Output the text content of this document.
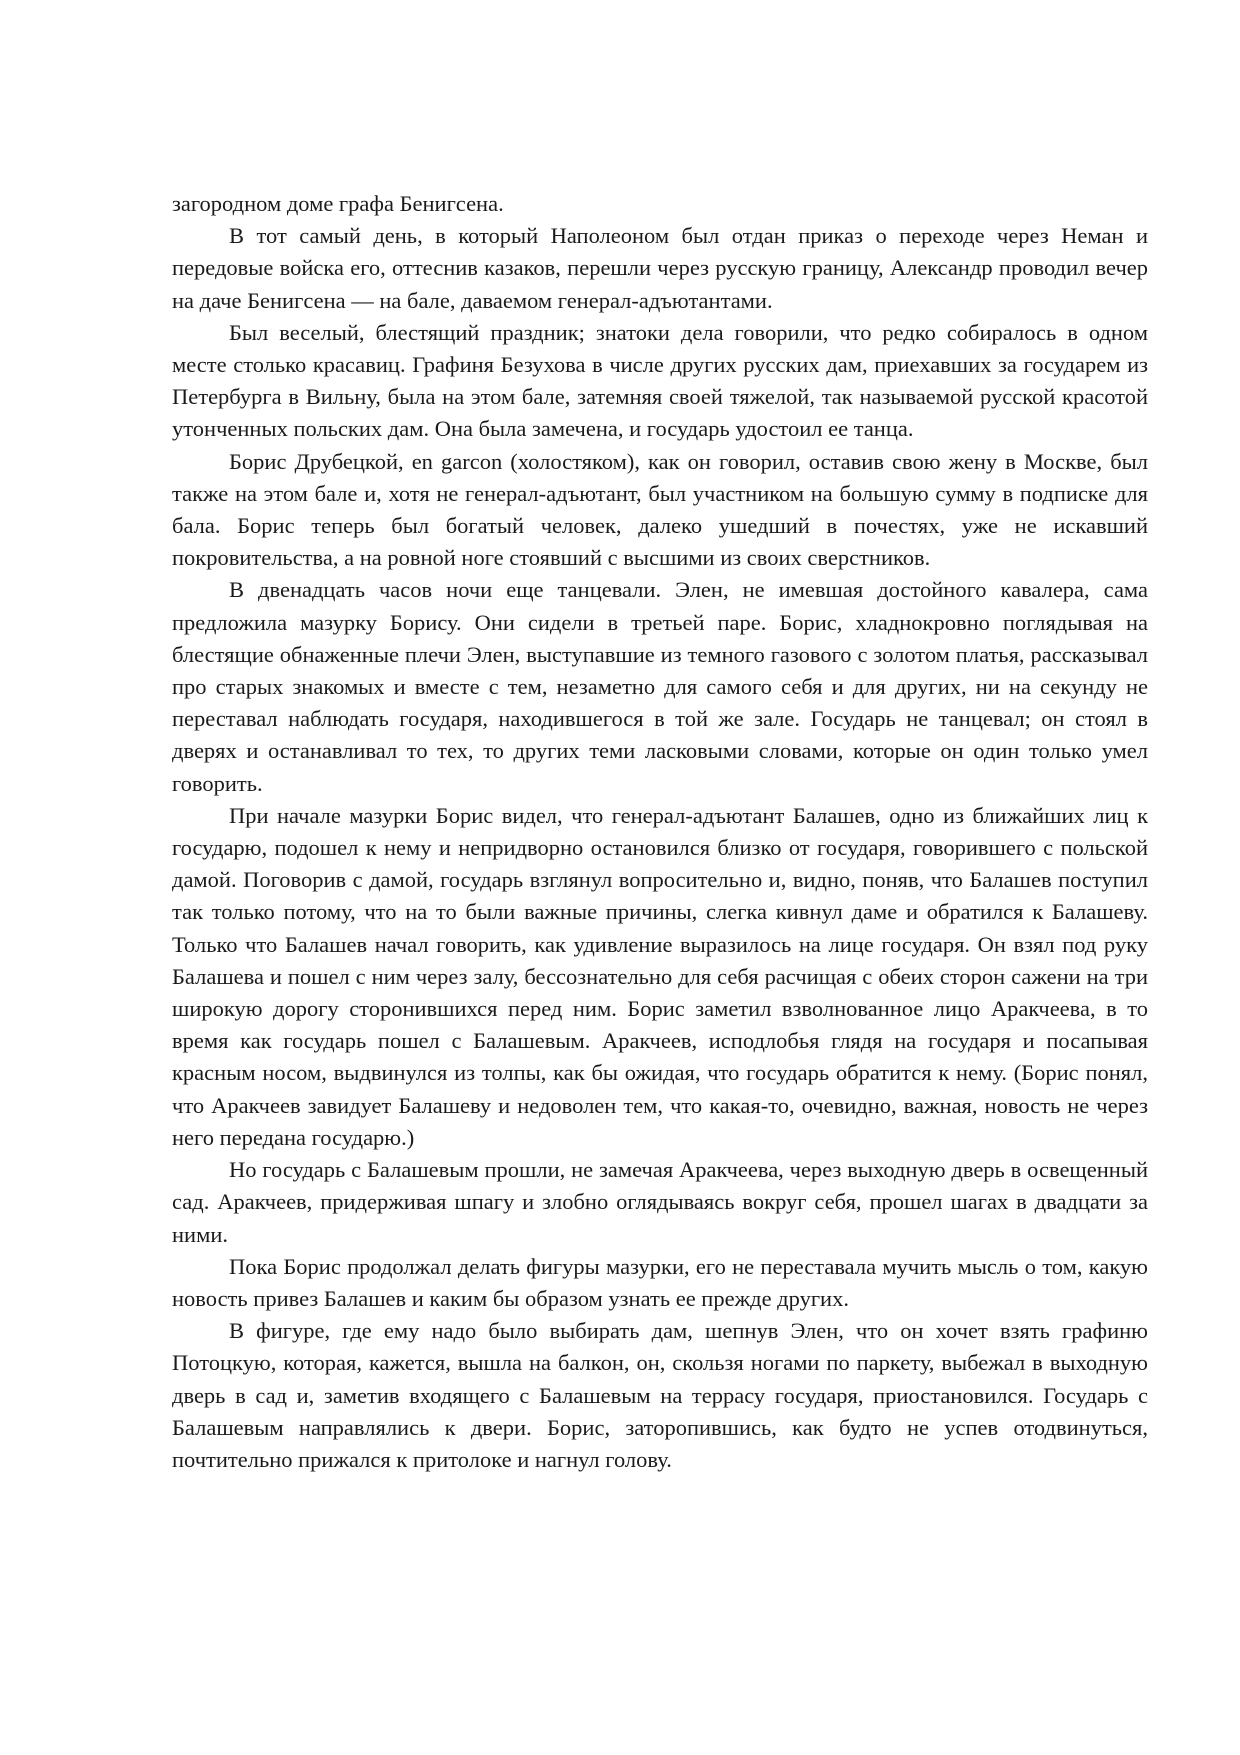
загородном доме графа Бенигсена.

В тот самый день, в который Наполеоном был отдан приказ о переходе через Неман и передовые войска его, оттеснив казаков, перешли через русскую границу, Александр проводил вечер на даче Бенигсена — на бале, даваемом генерал-адъютантами.

Был веселый, блестящий праздник; знатоки дела говорили, что редко собиралось в одном месте столько красавиц. Графиня Безухова в числе других русских дам, приехавших за государем из Петербурга в Вильну, была на этом бале, затемняя своей тяжелой, так называемой русской красотой утонченных польских дам. Она была замечена, и государь удостоил ее танца.

Борис Друбецкой, en garcon (холостяком), как он говорил, оставив свою жену в Москве, был также на этом бале и, хотя не генерал-адъютант, был участником на большую сумму в подписке для бала. Борис теперь был богатый человек, далеко ушедший в почестях, уже не искавший покровительства, а на ровной ноге стоявший с высшими из своих сверстников.

В двенадцать часов ночи еще танцевали. Элен, не имевшая достойного кавалера, сама предложила мазурку Борису. Они сидели в третьей паре. Борис, хладнокровно поглядывая на блестящие обнаженные плечи Элен, выступавшие из темного газового с золотом платья, рассказывал про старых знакомых и вместе с тем, незаметно для самого себя и для других, ни на секунду не переставал наблюдать государя, находившегося в той же зале. Государь не танцевал; он стоял в дверях и останавливал то тех, то других теми ласковыми словами, которые он один только умел говорить.

При начале мазурки Борис видел, что генерал-адъютант Балашев, одно из ближайших лиц к государю, подошел к нему и непридворно остановился близко от государя, говорившего с польской дамой. Поговорив с дамой, государь взглянул вопросительно и, видно, поняв, что Балашев поступил так только потому, что на то были важные причины, слегка кивнул даме и обратился к Балашеву. Только что Балашев начал говорить, как удивление выразилось на лице государя. Он взял под руку Балашева и пошел с ним через залу, бессознательно для себя расчищая с обеих сторон сажени на три широкую дорогу сторонившихся перед ним. Борис заметил взволнованное лицо Аракчеева, в то время как государь пошел с Балашевым. Аракчеев, исподлобья глядя на государя и посапывая красным носом, выдвинулся из толпы, как бы ожидая, что государь обратится к нему. (Борис понял, что Аракчеев завидует Балашеву и недоволен тем, что какая-то, очевидно, важная, новость не через него передана государю.)

Но государь с Балашевым прошли, не замечая Аракчеева, через выходную дверь в освещенный сад. Аракчеев, придерживая шпагу и злобно оглядываясь вокруг себя, прошел шагах в двадцати за ними.

Пока Борис продолжал делать фигуры мазурки, его не переставала мучить мысль о том, какую новость привез Балашев и каким бы образом узнать ее прежде других.

В фигуре, где ему надо было выбирать дам, шепнув Элен, что он хочет взять графиню Потоцкую, которая, кажется, вышла на балкон, он, скользя ногами по паркету, выбежал в выходную дверь в сад и, заметив входящего с Балашевым на террасу государя, приостановился. Государь с Балашевым направлялись к двери. Борис, заторопившись, как будто не успев отодвинуться, почтительно прижался к притолоке и нагнул голову.
